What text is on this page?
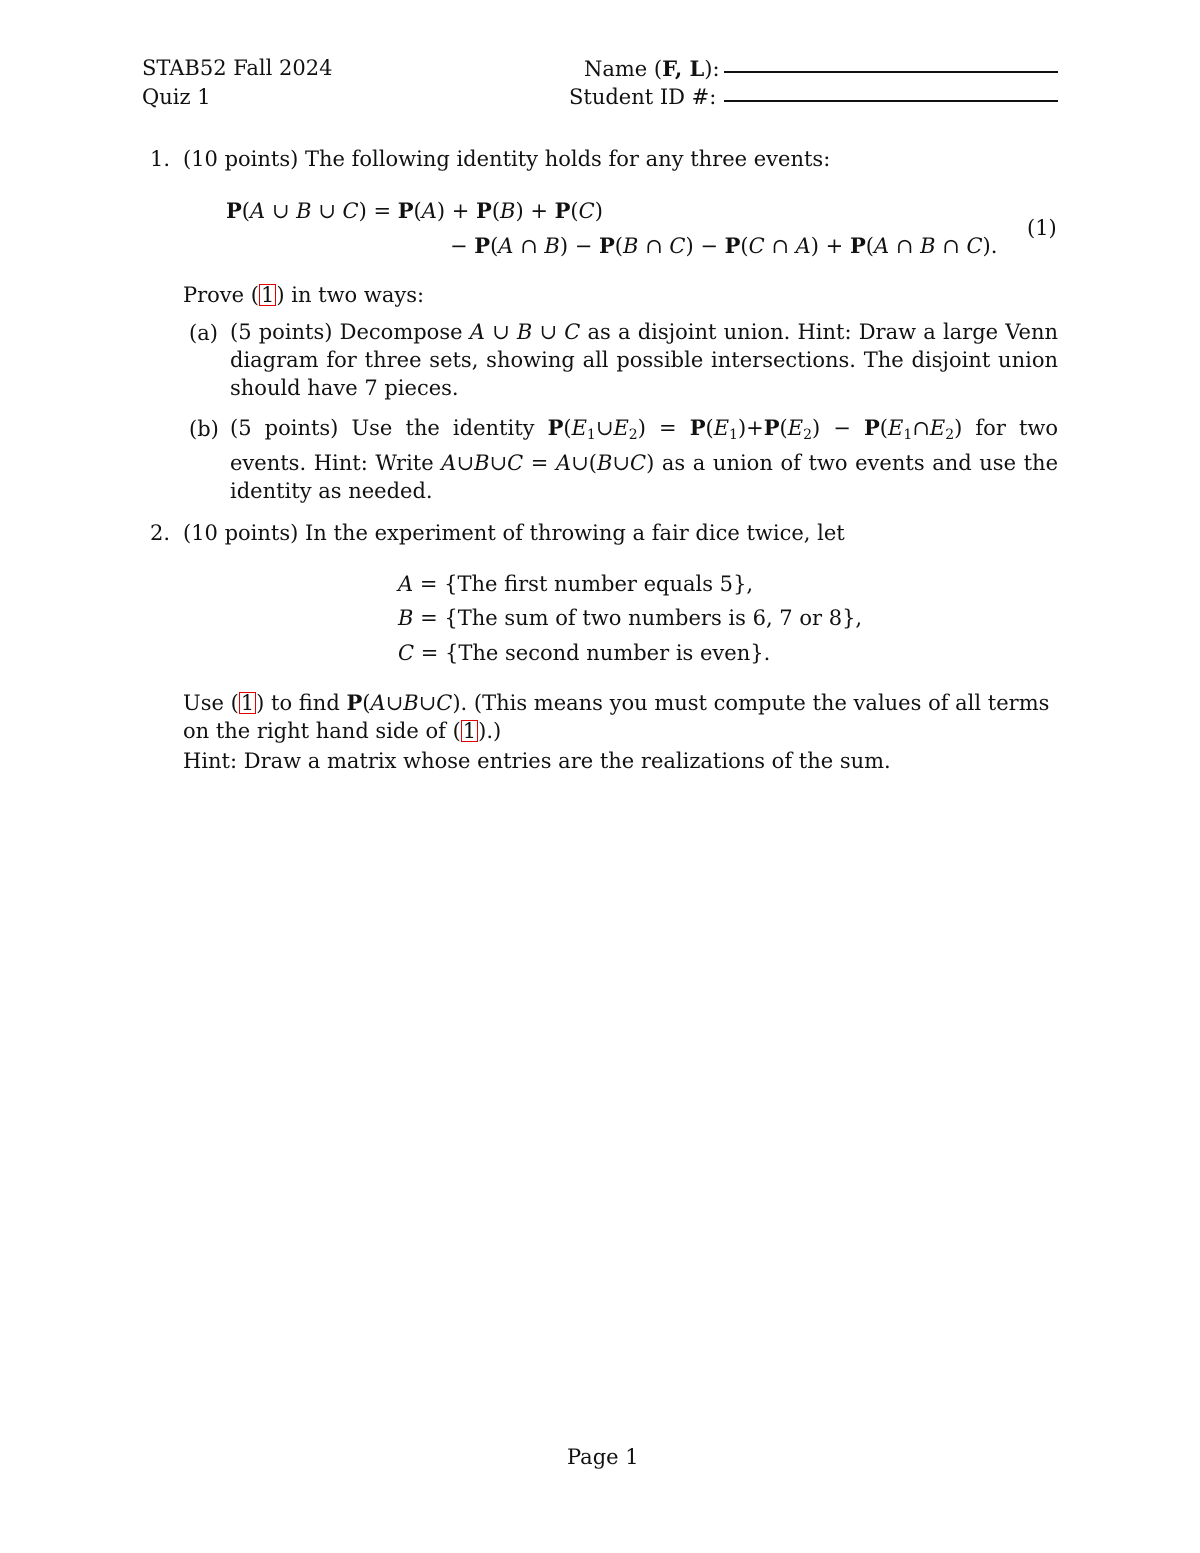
STAB52 Fall 2024
Quiz 1
Name (F, L):
Student ID #:
1. (10 points) The following identity holds for any three events:
P(A ∪ B ∪ C) = P(A) + P(B) + P(C)
− P(A ∩ B) − P(B ∩ C) − P(C ∩ A) + P(A ∩ B ∩ C).
(1)
Prove (1) in two ways:
(a) (5 points) Decompose A ∪ B ∪ C as a disjoint union. Hint: Draw a large Venn diagram for three sets, showing all possible intersections. The disjoint union should have 7 pieces.
(b) (5 points) Use the identity $P(E_1\cup E_2) = P(E_1)+P(E_2)$ − $P(E_1\cap E_2)$ for two events. Hint: Write A∪B∪C = A∪(B∪C) as a union of two events and use the identity as needed.
2. (10 points) In the experiment of throwing a fair dice twice, let
A = {The first number equals 5},
B = {The sum of two numbers is 6, 7 or 8},
C = {The second number is even}.
Use (1) to find P(A∪B∪C). (This means you must compute the values of all terms on the right hand side of (1).)
Hint: Draw a matrix whose entries are the realizations of the sum.
Page 1
